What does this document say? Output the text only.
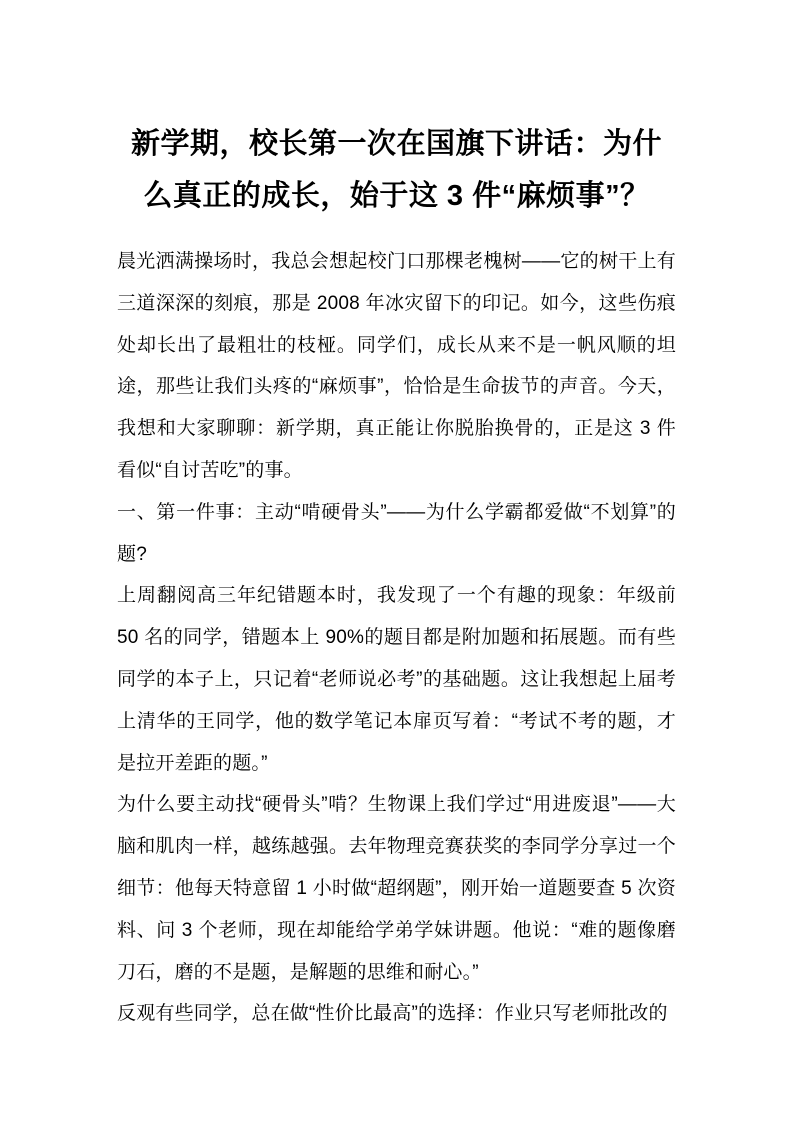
新学期，校长第一次在国旗下讲话：为什么真正的成长，始于这 3 件“麻烦事”？

晨光洒满操场时，我总会想起校门口那棵老槐树——它的树干上有三道深深的刻痕，那是 2008 年冰灾留下的印记。如今，这些伤痕处却长出了最粗壮的枝桠。同学们，成长从来不是一帆风顺的坦途，那些让我们头疼的“麻烦事”，恰恰是生命拔节的声音。今天，我想和大家聊聊：新学期，真正能让你脱胎换骨的，正是这 3 件看似“自讨苦吃”的事。

一、第一件事：主动“啃硬骨头”——为什么学霸都爱做“不划算”的题?

上周翻阅高三年纪错题本时，我发现了一个有趣的现象：年级前 50 名的同学，错题本上 90%的题目都是附加题和拓展题。而有些同学的本子上，只记着“老师说必考”的基础题。这让我想起上届考上清华的王同学，他的数学笔记本扉页写着：“考试不考的题，才是拉开差距的题。”

为什么要主动找“硬骨头”啃？生物课上我们学过“用进废退”——大脑和肌肉一样，越练越强。去年物理竞赛获奖的李同学分享过一个细节：他每天特意留 1 小时做“超纲题”，刚开始一道题要查 5 次资料、问 3 个老师，现在却能给学弟学妹讲题。他说：“难的题像磨刀石，磨的不是题，是解题的思维和耐心。”

反观有些同学，总在做“性价比最高”的选择：作业只写老师批改的
